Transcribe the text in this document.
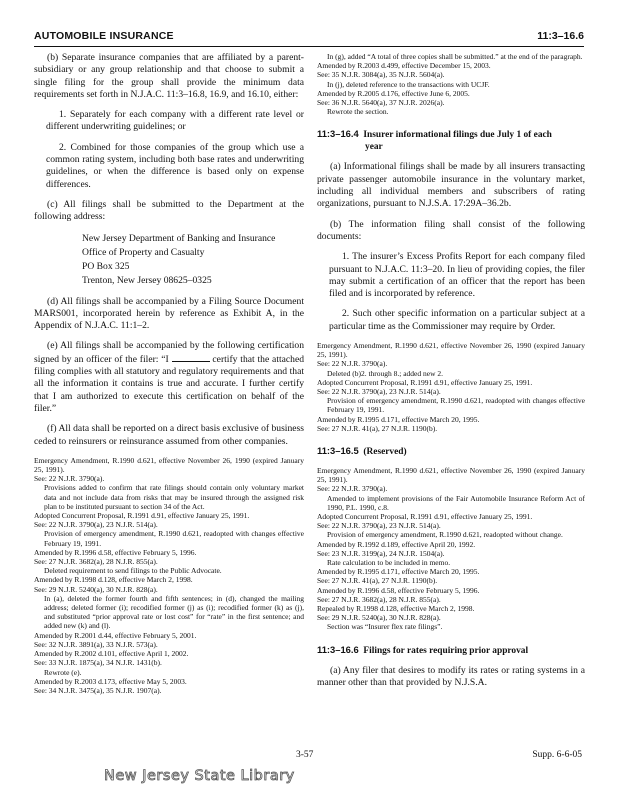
AUTOMOBILE INSURANCE	11:3–16.6

(b) Separate insurance companies that are affiliated by a parent-subsidiary or any group relationship and that choose to submit a single filing for the group shall provide the minimum data requirements set forth in N.J.A.C. 11:3–16.8, 16.9, and 16.10, either:

1. Separately for each company with a different rate level or different underwriting guidelines; or

2. Combined for those companies of the group which use a common rating system, including both base rates and underwriting guidelines, or when the difference is based only on expense differences.

(c) All filings shall be submitted to the Department at the following address:

New Jersey Department of Banking and Insurance
Office of Property and Casualty
PO Box 325
Trenton, New Jersey 08625–0325

(d) All filings shall be accompanied by a Filing Source Document MARS001, incorporated herein by reference as Exhibit A, in the Appendix of N.J.A.C. 11:1–2.

(e) All filings shall be accompanied by the following certification signed by an officer of the filer: “I	certify that the attached filing complies with all statutory and regulatory requirements and that all the information it contains is true and accurate. I further certify that I am authorized to execute this certification on behalf of the filer.”

(f) All data shall be reported on a direct basis exclusive of business ceded to reinsurers or reinsurance assumed from other companies.

Emergency Amendment, R.1990 d.621, effective November 26, 1990 (expired January 25, 1991).
See: 22 N.J.R. 3790(a).
Provisions added to confirm that rate filings should contain only voluntary market data and not include data from risks that may be insured through the assigned risk plan to be instituted pursuant to section 34 of the Act.
Adopted Concurrent Proposal, R.1991 d.91, effective January 25, 1991.
See: 22 N.J.R. 3790(a), 23 N.J.R. 514(a).
Provision of emergency amendment, R.1990 d.621, readopted with changes effective February 19, 1991.
Amended by R.1996 d.58, effective February 5, 1996.
See: 27 N.J.R. 3682(a), 28 N.J.R. 855(a).
Deleted requirement to send filings to the Public Advocate.
Amended by R.1998 d.128, effective March 2, 1998.
See: 29 N.J.R. 5240(a), 30 N.J.R. 828(a).
In (a), deleted the former fourth and fifth sentences; in (d), changed the mailing address; deleted former (i); recodified former (j) as (i); recodified former (k) as (j), and substituted “prior approval rate or lost cost” for “rate” in the first sentence; and added new (k) and (l).
Amended by R.2001 d.44, effective February 5, 2001.
See: 32 N.J.R. 3891(a), 33 N.J.R. 573(a).
Amended by R.2002 d.101, effective April 1, 2002.
See: 33 N.J.R. 1875(a), 34 N.J.R. 1431(b).
Rewrote (e).
Amended by R.2003 d.173, effective May 5, 2003.
See: 34 N.J.R. 3475(a), 35 N.J.R. 1907(a).
In (g), added “A total of three copies shall be submitted.” at the end of the paragraph.
Amended by R.2003 d.499, effective December 15, 2003.
See: 35 N.J.R. 3084(a), 35 N.J.R. 5604(a).
In (j), deleted reference to the transactions with UCJF.
Amended by R.2005 d.176, effective June 6, 2005.
See: 36 N.J.R. 5640(a), 37 N.J.R. 2026(a).
Rewrote the section.
11:3–16.4 Insurer informational filings due July 1 of each
year

(a) Informational filings shall be made by all insurers transacting private passenger automobile insurance in the voluntary market, including all individual members and subscribers of rating organizations, pursuant to N.J.S.A. 17:29A–36.2b.

(b) The information filing shall consist of the following documents:

1. The insurer’s Excess Profits Report for each company filed pursuant to N.J.A.C. 11:3–20. In lieu of providing copies, the filer may submit a certification of an officer that the report has been filed and is incorporated by reference.

2. Such other specific information on a particular subject at a particular time as the Commissioner may require by Order.

Emergency Amendment, R.1990 d.621, effective November 26, 1990 (expired January 25, 1991).
See: 22 N.J.R. 3790(a).
Deleted (b)2. through 8.; added new 2.
Adopted Concurrent Proposal, R.1991 d.91, effective January 25, 1991.
See: 22 N.J.R. 3790(a), 23 N.J.R. 514(a).
Provision of emergency amendment, R.1990 d.621, readopted with changes effective February 19, 1991.
Amended by R.1995 d.171, effective March 20, 1995.
See: 27 N.J.R. 41(a), 27 N.J.R. 1190(b).
11:3–16.5 (Reserved)
Emergency Amendment, R.1990 d.621, effective November 26, 1990 (expired January 25, 1991).
See: 22 N.J.R. 3790(a).
Amended to implement provisions of the Fair Automobile Insurance Reform Act of 1990, P.L. 1990, c.8.
Adopted Concurrent Proposal, R.1991 d.91, effective January 25, 1991.
See: 22 N.J.R. 3790(a), 23 N.J.R. 514(a).
Provision of emergency amendment, R.1990 d.621, readopted without change.
Amended by R.1992 d.189, effective April 20, 1992.
See: 23 N.J.R. 3199(a), 24 N.J.R. 1504(a).
Rate calculation to be included in memo.
Amended by R.1995 d.171, effective March 20, 1995.
See: 27 N.J.R. 41(a), 27 N.J.R. 1190(b).
Amended by R.1996 d.58, effective February 5, 1996.
See: 27 N.J.R. 3682(a), 28 N.J.R. 855(a).
Repealed by R.1998 d.128, effective March 2, 1998.
See: 29 N.J.R. 5240(a), 30 N.J.R. 828(a).
Section was “Insurer flex rate filings”.
11:3–16.6 Filings for rates requiring prior approval

(a) Any filer that desires to modify its rates or rating systems in a manner other than that provided by N.J.S.A.

3-57	Supp. 6-6-05
New Jersey State Library
